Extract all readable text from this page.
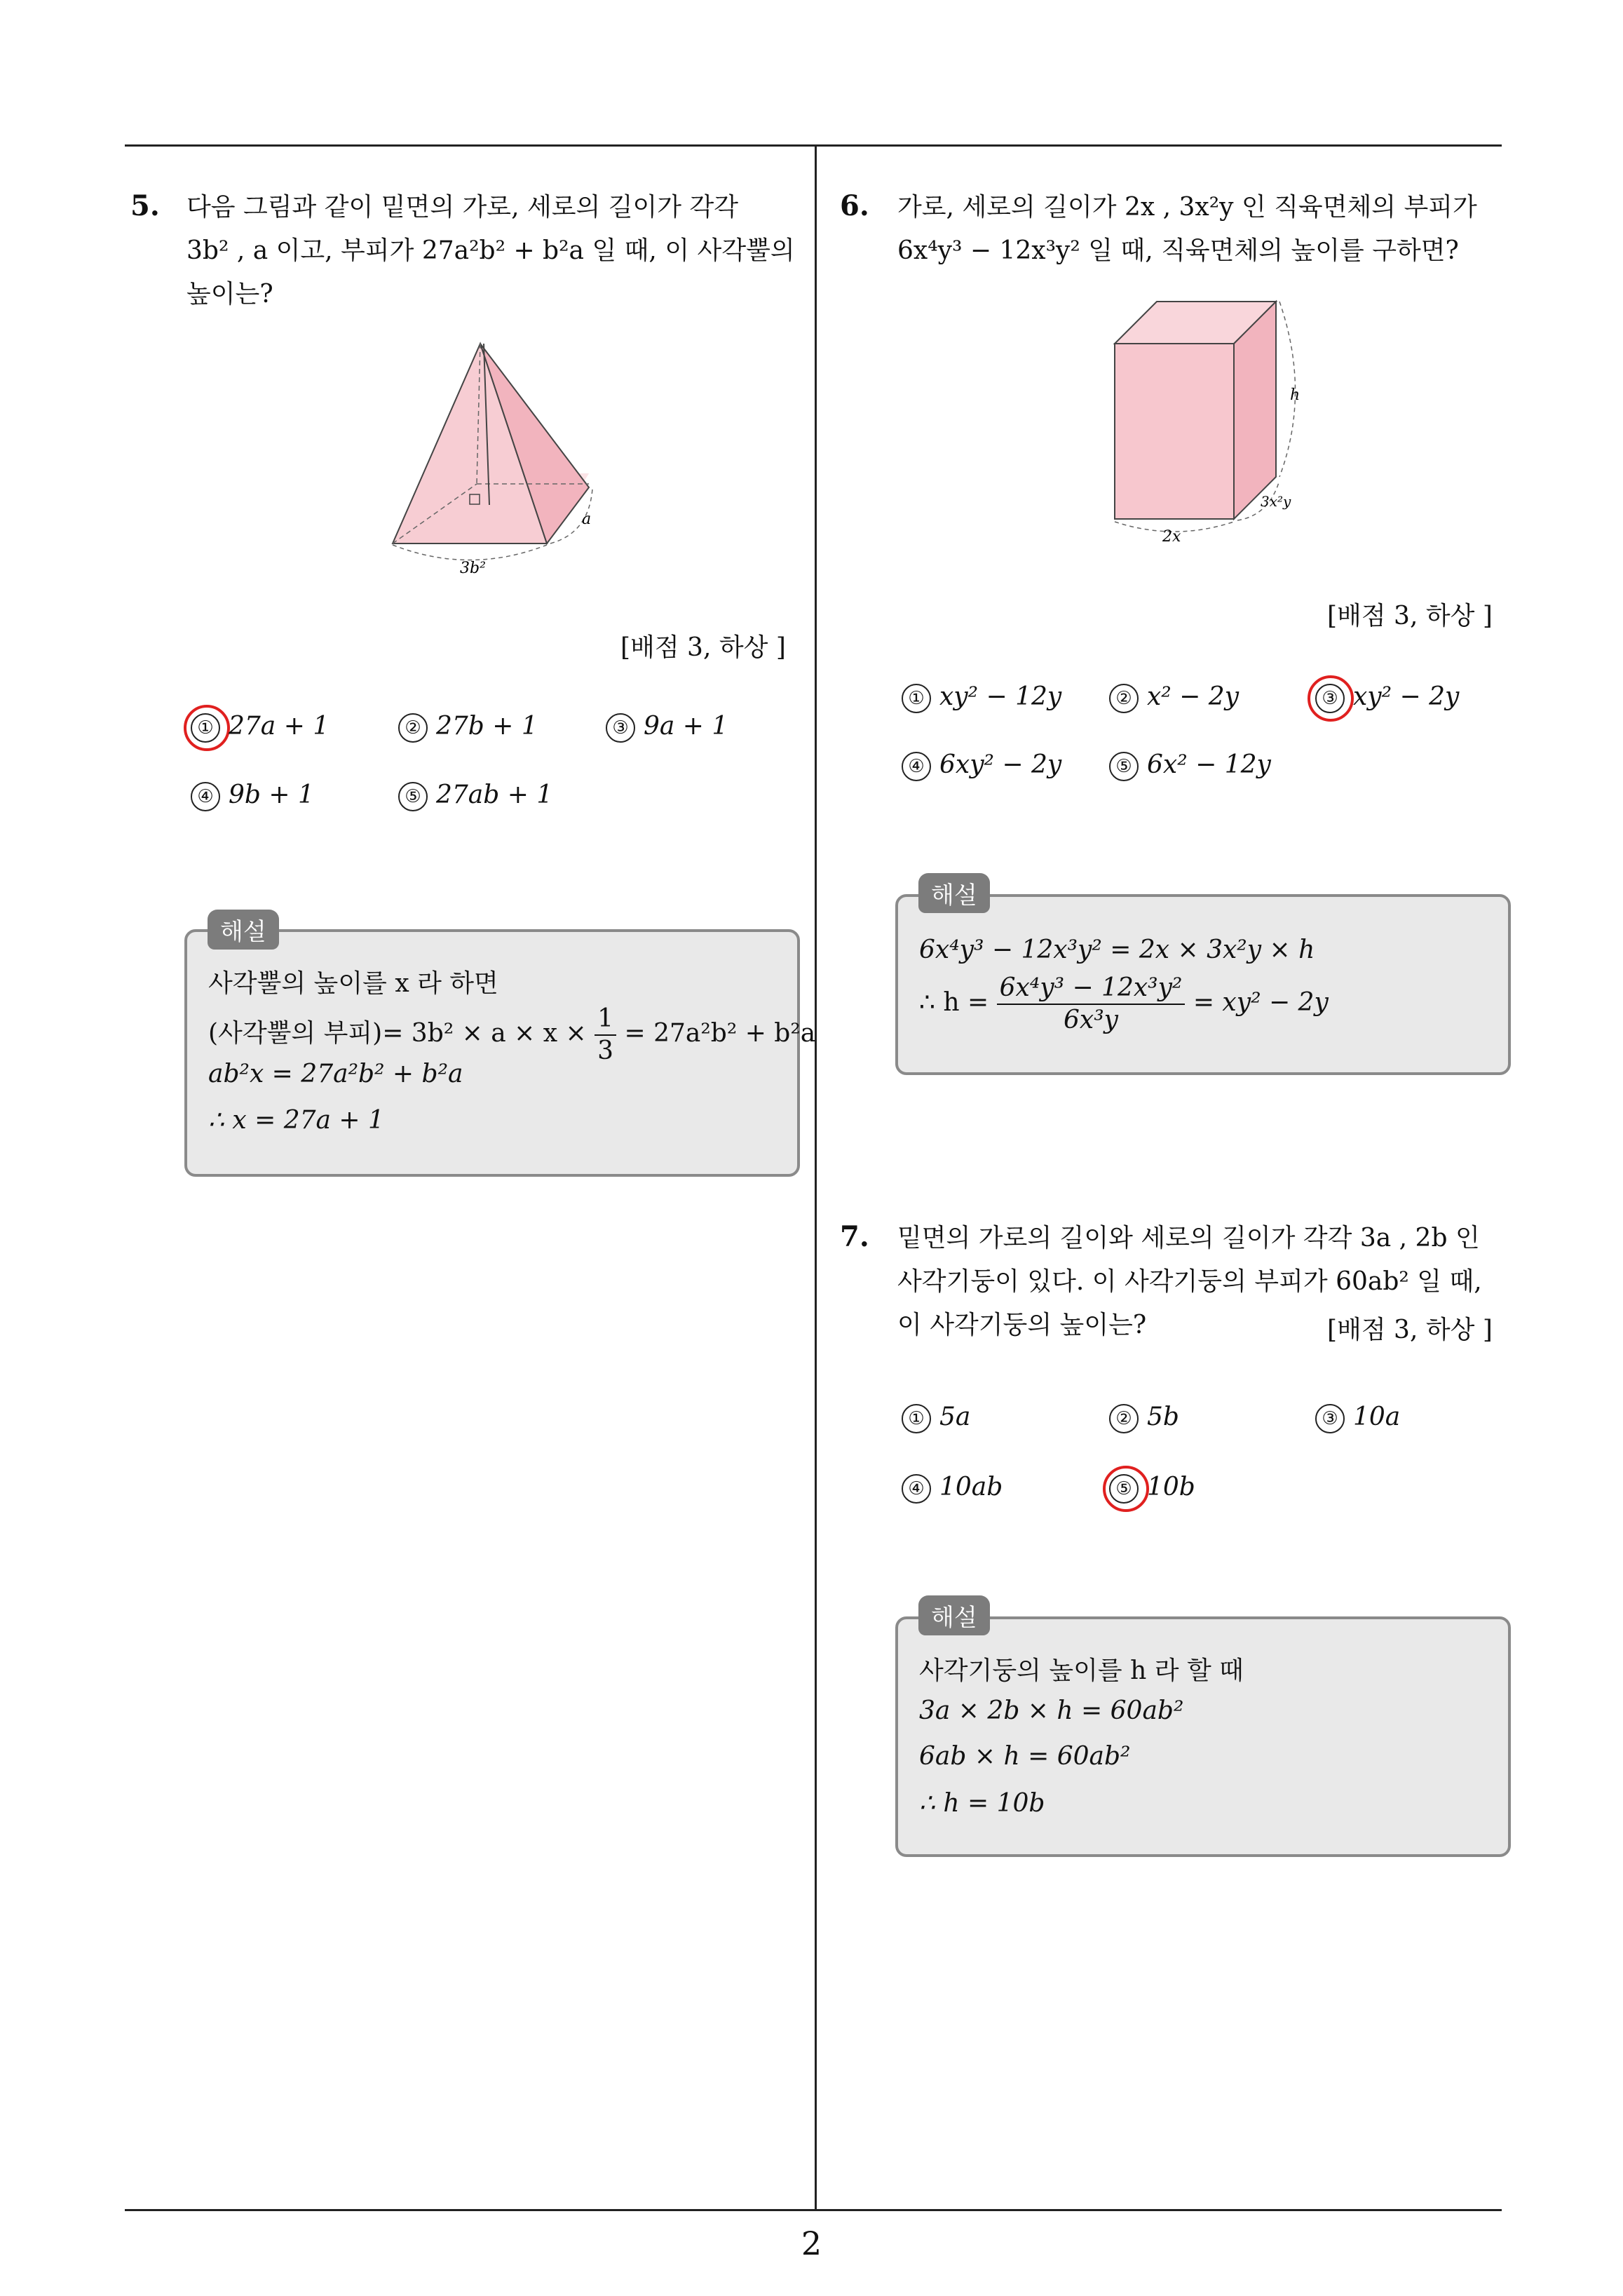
2
5. 다음 그림과 같이 밑면의 가로, 세로의 길이가 각각
3b² , a 이고, 부피가 27a²b² + b²a 일 때, 이 사각뿔의
높이는?
3b²
a
[배점 3, 하상 ]
① 27a + 1	② 27b + 1	③ 9a + 1
④ 9b + 1	⑤ 27ab + 1
사각뿔의 높이를 x 라 하면
(사각뿔의 부피)= $3b^2 \times a \times x \times \frac{1}{3} = 27a^2b^2 + b^2a$
ab²x = 27a²b² + b²a
∴ x = 27a + 1
해설
6. 가로, 세로의 길이가 2x , 3x²y 인 직육면체의 부피가
6x⁴y³ − 12x³y² 일 때, 직육면체의 높이를 구하면?
h
3x²y
2x
[배점 3, 하상 ]
① xy² − 12y	② x² − 2y	③ xy² − 2y
④ 6xy² − 2y	⑤ 6x² − 12y
6x⁴y³ − 12x³y² = 2x × 3x²y × h
∴ $h = \frac{\text{6x⁴y³ − 12x³y²}}{\text{6x³y}} = xy^2 - 2y$
해설
7. 밑면의 가로의 길이와 세로의 길이가 각각 3a , 2b 인
사각기둥이 있다. 이 사각기둥의 부피가 60ab² 일 때,
이 사각기둥의 높이는?	[배점 3, 하상 ]
① 5a	② 5b	③ 10a
④ 10ab	⑤ 10b
사각기둥의 높이를 h 라 할 때
3a × 2b × h = 60ab²
6ab × h = 60ab²
∴ h = 10b
해설
